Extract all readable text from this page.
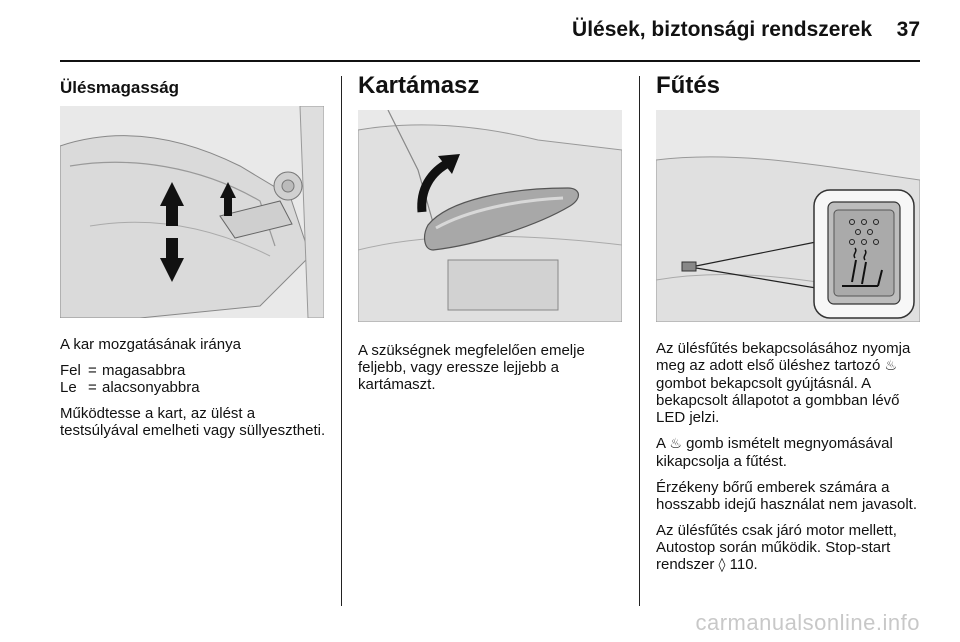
Ülések, biztonsági rendszerek 37
Ülésmagasság

A kar mozgatásának iránya

Fel = magasabbra
Le = alacsonyabbra

Működtesse a kart, az ülést a testsúlyával emelheti vagy süllyesztheti.

Kartámasz

A szükségnek megfelelően emelje feljebb, vagy eressze lejjebb a kartámaszt.

Fűtés

Az ülésfűtés bekapcsolásához nyomja meg az adott első üléshez tartozó ♨ gombot bekapcsolt gyújtásnál. A bekapcsolt állapotot a gombban lévő LED jelzi.

A ♨ gomb ismételt megnyomásával kikapcsolja a fűtést.

Érzékeny bőrű emberek számára a hosszabb idejű használat nem javasolt.

Az ülésfűtés csak járó motor mellett, Autostop során működik. Stop-start rendszer ◊ 110.

carmanualsonline.info
